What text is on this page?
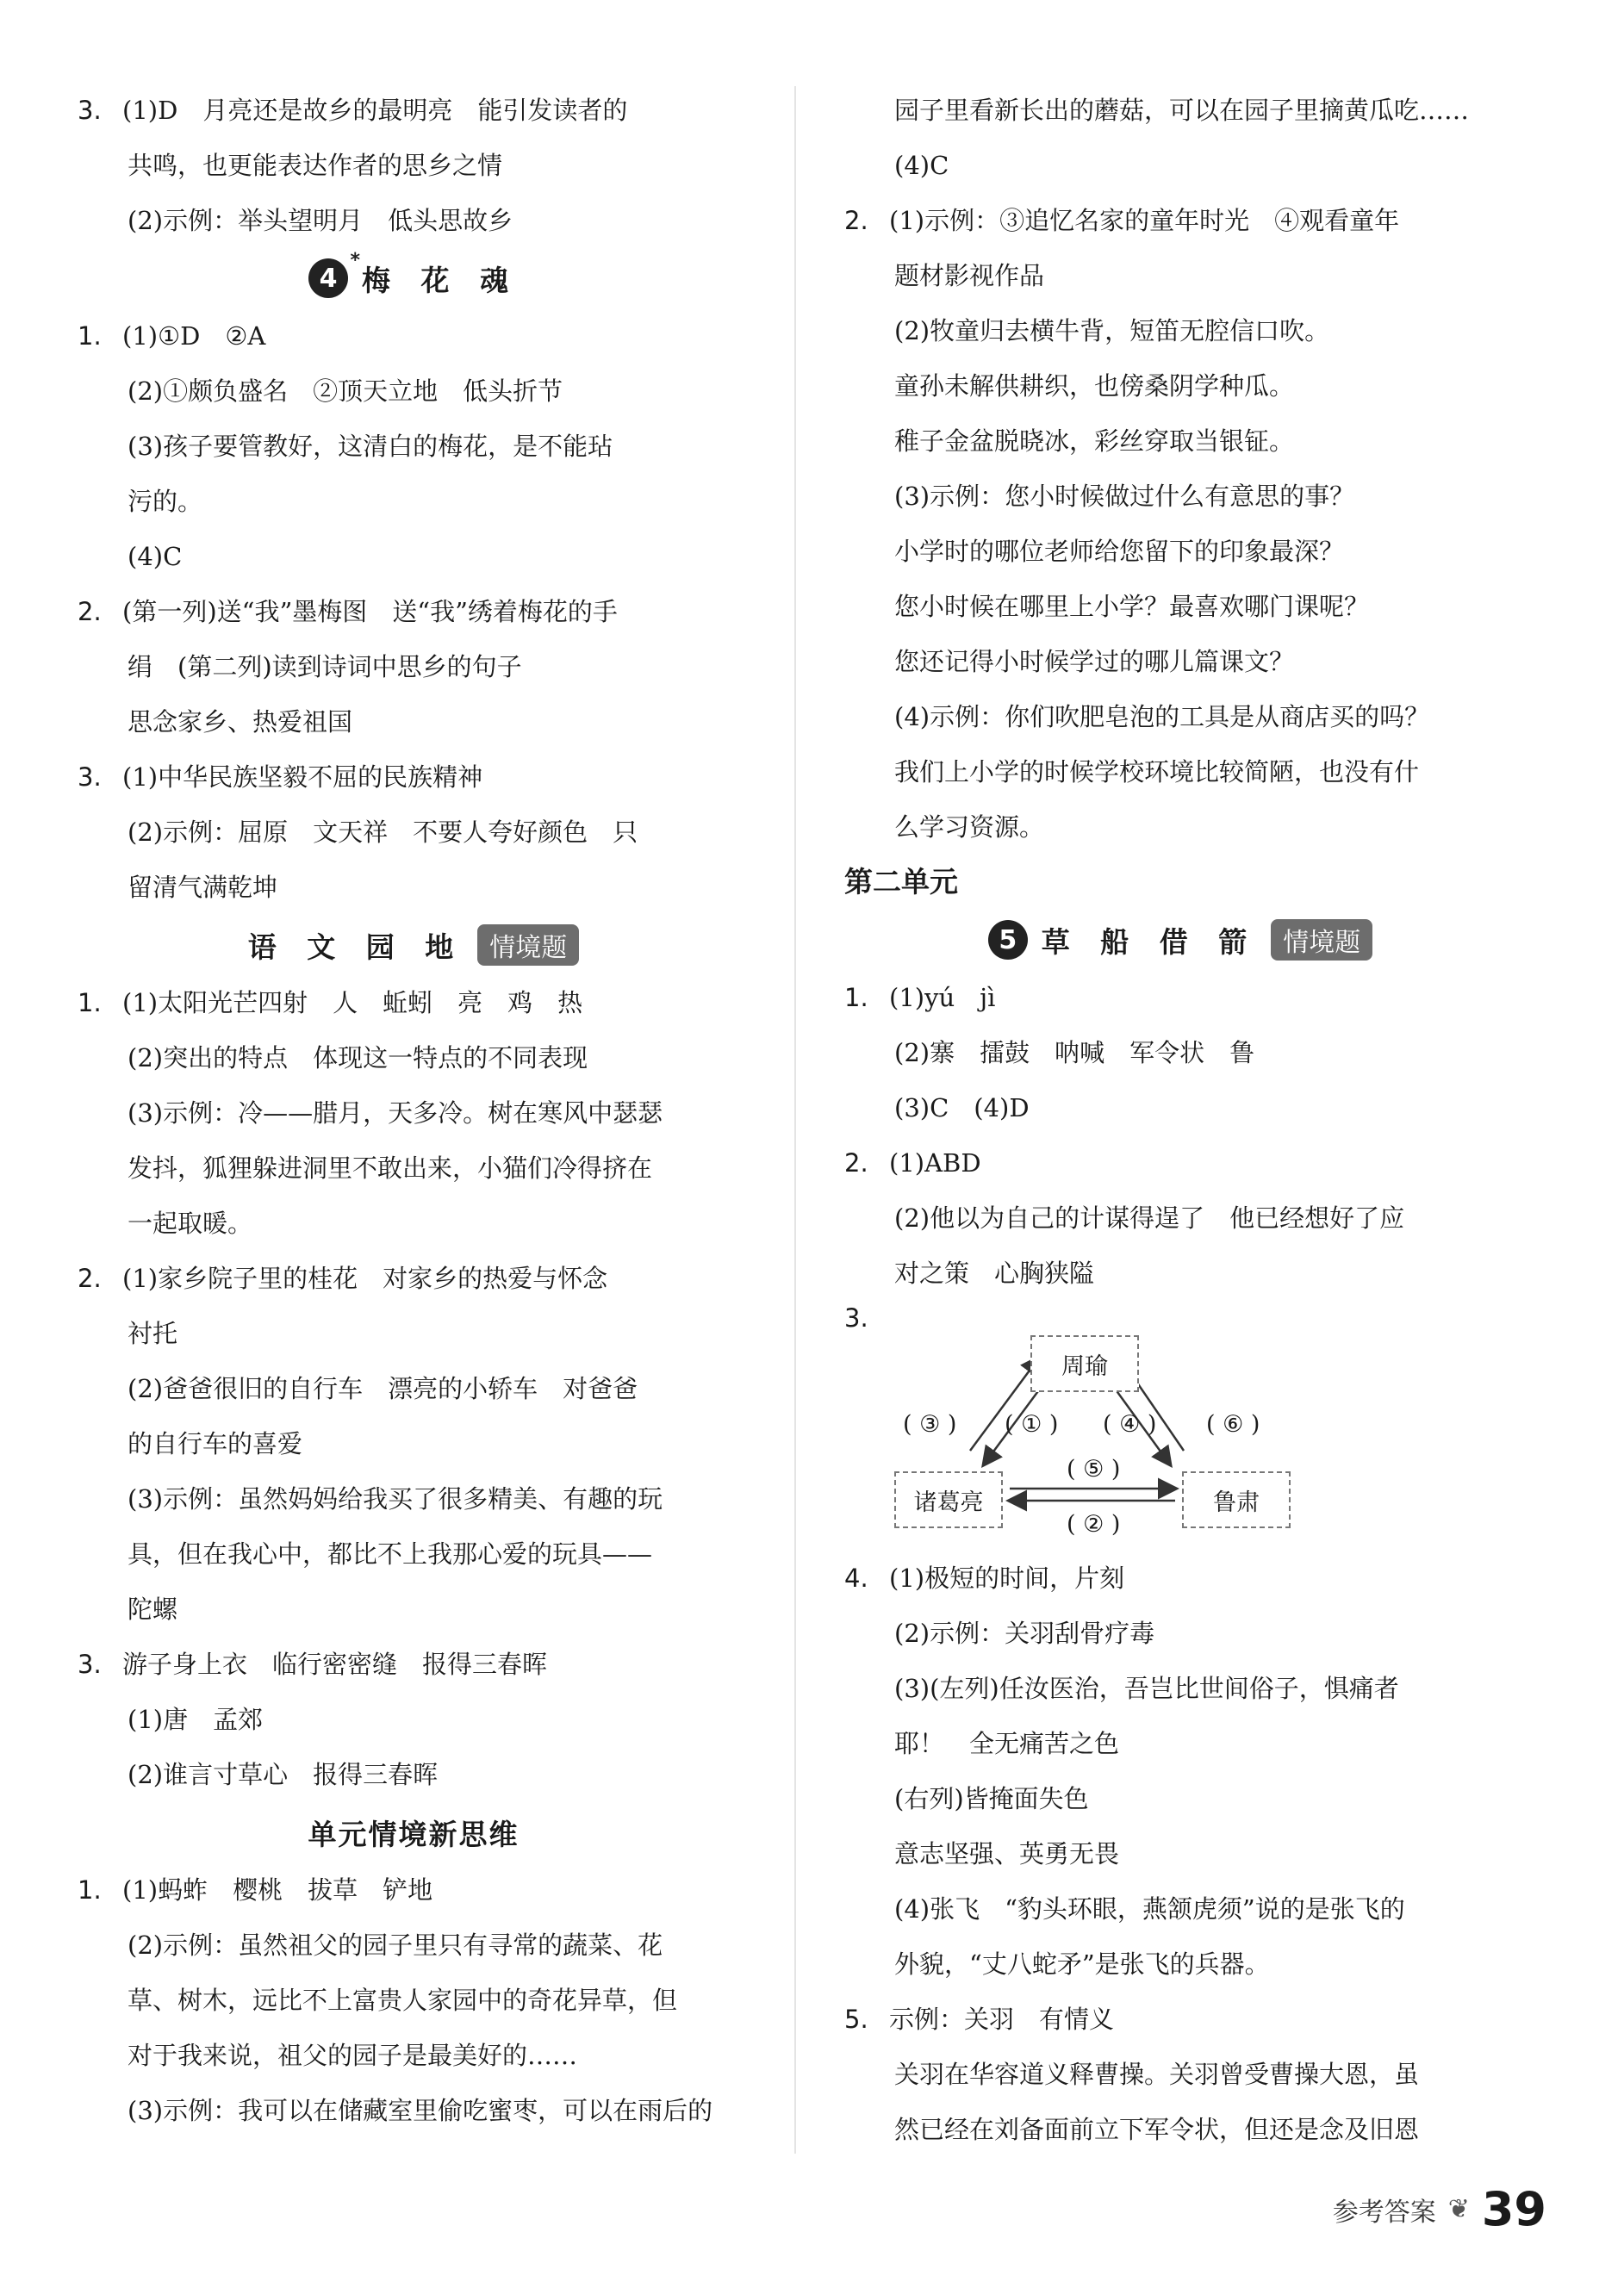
3. (1)D　月亮还是故乡的最明亮　能引发读者的
共鸣，也更能表达作者的思乡之情
(2)示例：举头望明月　低头思故乡
4
*
梅 花 魂
1. (1)①D　②A
(2)①颇负盛名　②顶天立地　低头折节
(3)孩子要管教好，这清白的梅花，是不能玷
污的。
(4)C
2. (第一列)送“我”墨梅图　送“我”绣着梅花的手
绢　(第二列)读到诗词中思乡的句子
思念家乡、热爱祖国
3. (1)中华民族坚毅不屈的民族精神
(2)示例：屈原　文天祥　不要人夸好颜色　只
留清气满乾坤
语 文 园 地	情境题
1. (1)太阳光芒四射　人　蚯蚓　亮　鸡　热
(2)突出的特点　体现这一特点的不同表现
(3)示例：冷——腊月，天多冷。树在寒风中瑟瑟
发抖，狐狸躲进洞里不敢出来，小猫们冷得挤在
一起取暖。
2. (1)家乡院子里的桂花　对家乡的热爱与怀念
衬托
(2)爸爸很旧的自行车　漂亮的小轿车　对爸爸
的自行车的喜爱
(3)示例：虽然妈妈给我买了很多精美、有趣的玩
具，但在我心中，都比不上我那心爱的玩具——
陀螺
3. 游子身上衣　临行密密缝　报得三春晖
(1)唐　孟郊
(2)谁言寸草心　报得三春晖
单元情境新思维
1. (1)蚂蚱　樱桃　拔草　铲地
(2)示例：虽然祖父的园子里只有寻常的蔬菜、花
草、树木，远比不上富贵人家园中的奇花异草，但
对于我来说，祖父的园子是最美好的……
(3)示例：我可以在储藏室里偷吃蜜枣，可以在雨后的
园子里看新长出的蘑菇，可以在园子里摘黄瓜吃……
(4)C
2. (1)示例：③追忆名家的童年时光　④观看童年
题材影视作品
(2)牧童归去横牛背，短笛无腔信口吹。
童孙未解供耕织，也傍桑阴学种瓜。
稚子金盆脱晓冰，彩丝穿取当银钲。
(3)示例：您小时候做过什么有意思的事？
小学时的哪位老师给您留下的印象最深？
您小时候在哪里上小学？最喜欢哪门课呢？
您还记得小时候学过的哪儿篇课文？
(4)示例：你们吹肥皂泡的工具是从商店买的吗？
我们上小学的时候学校环境比较简陋，也没有什
么学习资源。
第二单元
5 草 船 借 箭	情境题
1. (1)yú　jì
(2)寨　擂鼓　呐喊　军令状　鲁
(3)C　(4)D
2. (1)ABD
(2)他以为自己的计谋得逞了　他已经想好了应
对之策　心胸狭隘
3.
周瑜
诸葛亮	鲁肃
( ③ ) ( ① ) ( ④ ) ( ⑥ )
( ⑤ )
( ② )
4. (1)极短的时间，片刻
(2)示例：关羽刮骨疗毒
(3)(左列)任汝医治，吾岂比世间俗子，惧痛者
耶！　全无痛苦之色
(右列)皆掩面失色
意志坚强、英勇无畏
(4)张飞　“豹头环眼，燕颔虎须”说的是张飞的
外貌，“丈八蛇矛”是张飞的兵器。
5. 示例：关羽　有情义
关羽在华容道义释曹操。关羽曾受曹操大恩，虽
然已经在刘备面前立下军令状，但还是念及旧恩
参考答案 ❦ 39
